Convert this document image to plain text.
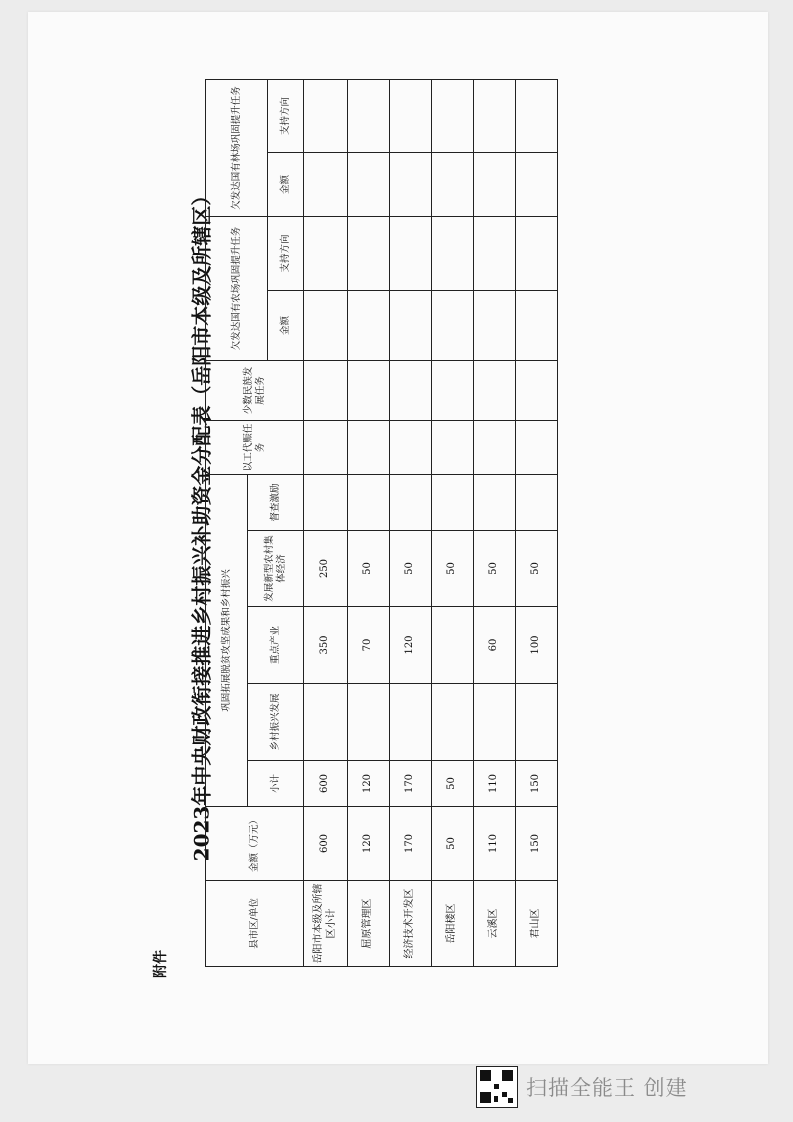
附件
2023年中央财政衔接推进乡村振兴补助资金分配表（岳阳市本级及所辖区）
县市区/单位	金额（万元）	巩固拓展脱贫攻坚成果和乡村振兴					以工代赈任务	少数民族发展任务	欠发达国有农场巩固提升任务		欠发达国有林场巩固提升任务	
		小计	乡村振兴发展	重点产业	发展新型农村集体经济	督查激励						
									金额	支持方向	金额	支持方向
岳阳市本级及所辖区小计	600	600		350	250							
屈原管理区	120	120		70	50							
经济技术开发区	170	170		120	50							
岳阳楼区	50	50			50							
云溪区	110	110		60	50							
君山区	150	150		100	50							
扫描全能王 创建
